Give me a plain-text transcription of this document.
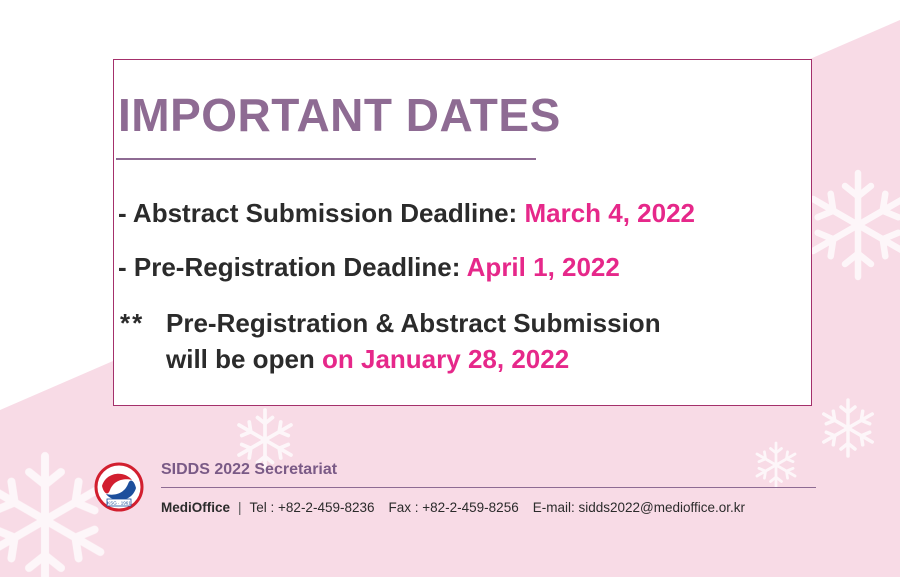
IMPORTANT DATES
- Abstract Submission Deadline: March 4, 2022
- Pre-Registration Deadline: April 1, 2022
** Pre-Registration & Abstract Submission
will be open on January 28, 2022
KSG · 1961
SIDDS 2022 Secretariat
MediOffice | Tel : +82-2-459-8236 Fax : +82-2-459-8256 E-mail: sidds2022@medioffice.or.kr
